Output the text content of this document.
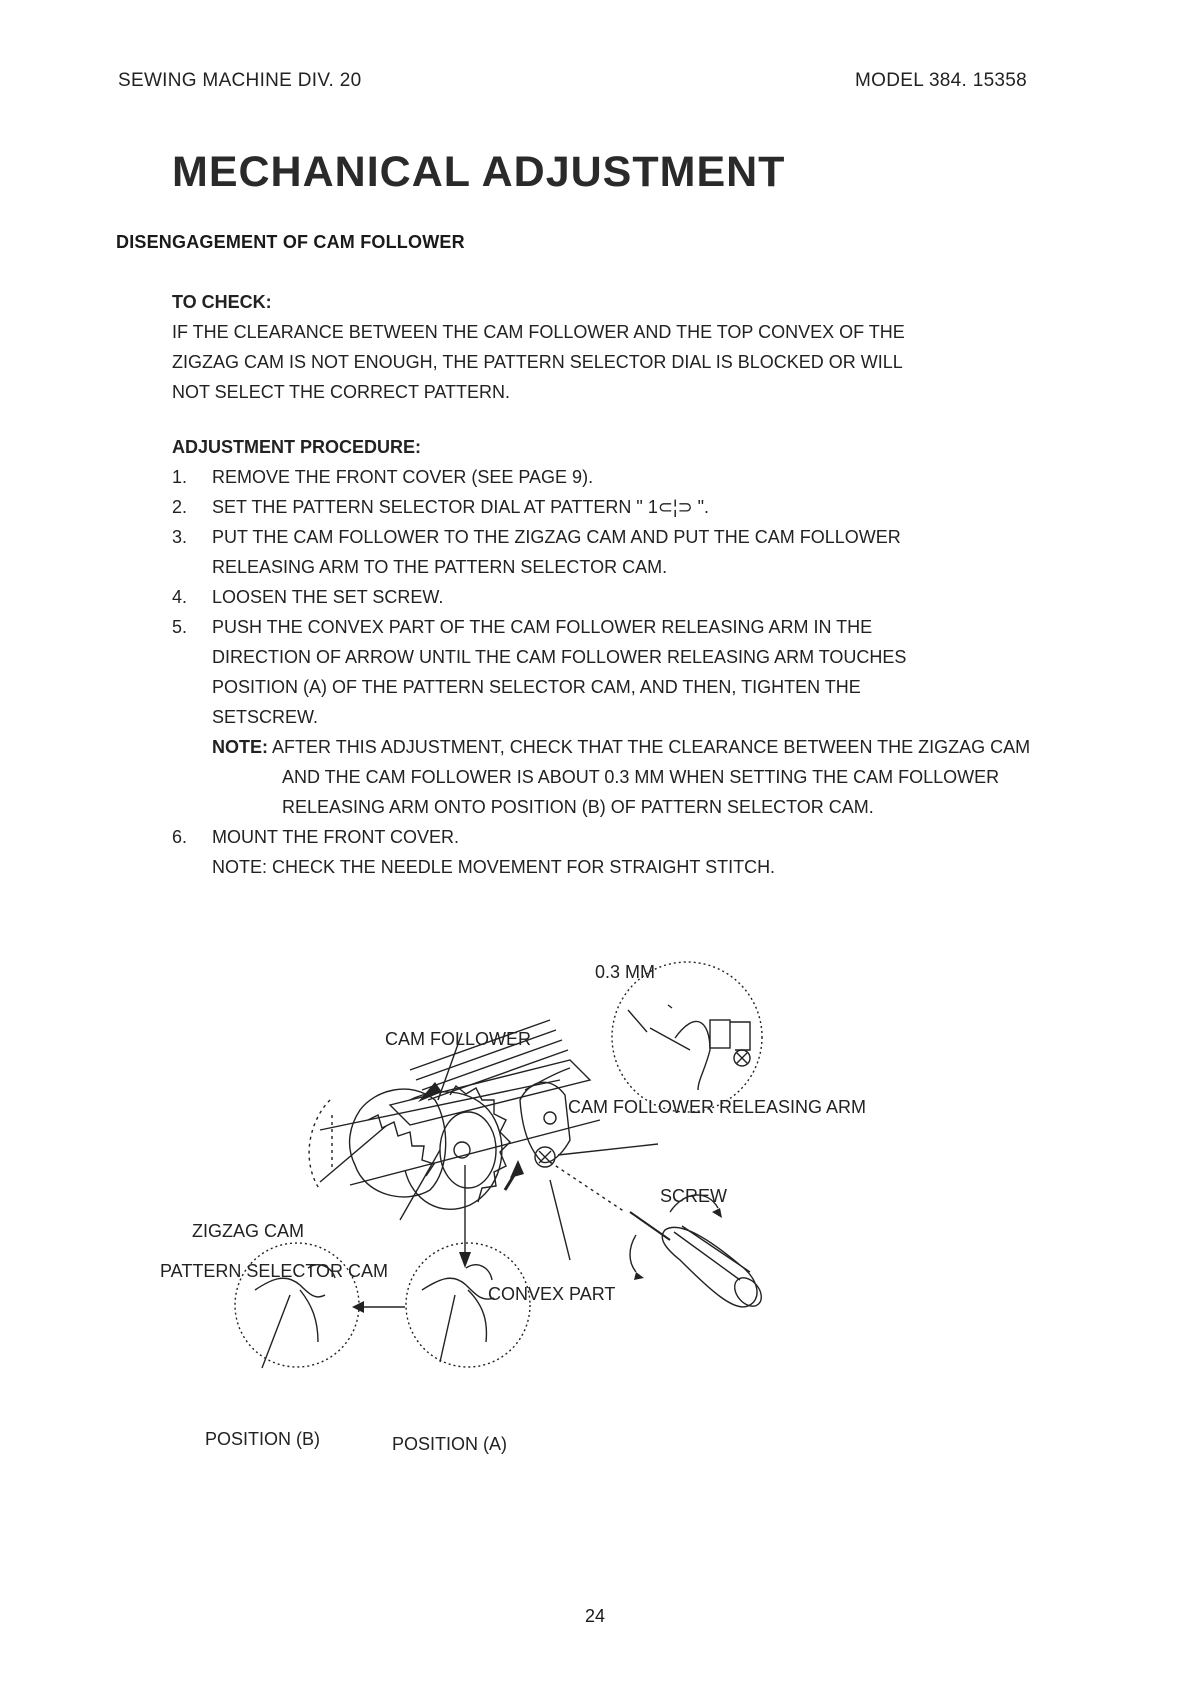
SEWING MACHINE DIV. 20	MODEL 384. 15358
MECHANICAL ADJUSTMENT
DISENGAGEMENT OF CAM FOLLOWER
TO CHECK:

IF THE CLEARANCE BETWEEN THE CAM FOLLOWER AND THE TOP CONVEX OF THE

ZIGZAG CAM IS NOT ENOUGH, THE PATTERN SELECTOR DIAL IS BLOCKED OR WILL

NOT SELECT THE CORRECT PATTERN.

ADJUSTMENT PROCEDURE:
1. REMOVE THE FRONT COVER (SEE PAGE 9).
2. SET THE PATTERN SELECTOR DIAL AT PATTERN " 1⊂¦⊃ ".
3. PUT THE CAM FOLLOWER TO THE ZIGZAG CAM AND PUT THE CAM FOLLOWER
RELEASING ARM TO THE PATTERN SELECTOR CAM.
4. LOOSEN THE SET SCREW.
5. PUSH THE CONVEX PART OF THE CAM FOLLOWER RELEASING ARM IN THE
DIRECTION OF ARROW UNTIL THE CAM FOLLOWER RELEASING ARM TOUCHES
POSITION (A) OF THE PATTERN SELECTOR CAM, AND THEN, TIGHTEN THE
SETSCREW.
NOTE: AFTER THIS ADJUSTMENT, CHECK THAT THE CLEARANCE BETWEEN THE ZIGZAG CAM AND THE CAM FOLLOWER IS ABOUT 0.3 MM WHEN SETTING THE CAM FOLLOWER RELEASING ARM ONTO POSITION (B) OF PATTERN SELECTOR CAM.
6. MOUNT THE FRONT COVER.

NOTE: CHECK THE NEEDLE MOVEMENT FOR STRAIGHT STITCH.

0.3 MM
CAM FOLLOWER
CAM FOLLOWER RELEASING ARM
SCREW
ZIGZAG CAM
PATTERN SELECTOR CAM
CONVEX PART
POSITION (B)	POSITION (A)
24
